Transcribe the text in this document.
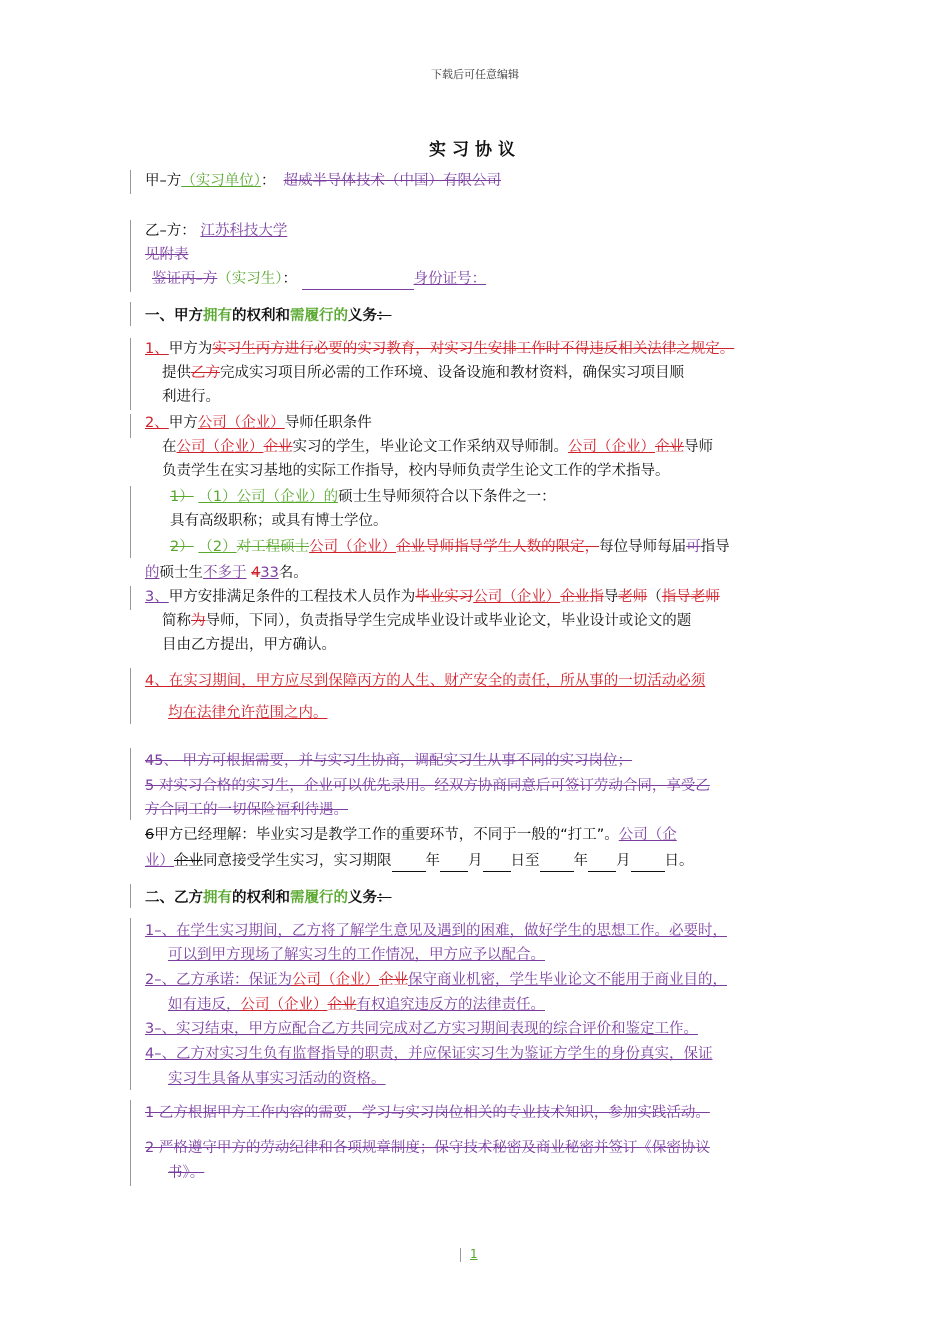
下载后可任意编辑
实习协议
甲–方（实习单位）： 超威半导体技术（中国）有限公司
乙–方： 江苏科技大学
见附表
鉴证丙–方（实习生）：	身份证号：
一、甲方拥有的权利和需履行的义务：
1、甲方为实习生丙方进行必要的实习教育，对实习生安排工作时不得违反相关法律之规定。
提供乙方完成实习项目所必需的工作环境、设备设施和教材资料，确保实习项目顺
利进行。
2、甲方公司（企业）导师任职条件
在公司（企业）企业实习的学生，毕业论文工作采纳双导师制。公司（企业）企业导师
负责学生在实习基地的实际工作指导，校内导师负责学生论文工作的学术指导。
1） （1）公司（企业）的硕士生导师须符合以下条件之一：
具有高级职称；或具有博士学位。
2） （2）对工程硕士公司（企业）企业导师指导学生人数的限定，每位导师每届可指导
的硕士生不多于 433名。
3、甲方安排满足条件的工程技术人员作为毕业实习公司（企业）企业指导老师（指导老师
简称为导师，下同），负责指导学生完成毕业设计或毕业论文，毕业设计或论文的题
目由乙方提出，甲方确认。
4、在实习期间，甲方应尽到保障丙方的人生、财产安全的责任，所从事的一切活动必须
均在法律允许范围之内。
45、 甲方可根据需要，并与实习生协商，调配实习生从事不同的实习岗位；
5 对实习合格的实习生，企业可以优先录用。经双方协商同意后可签订劳动合同，享受乙
方合同工的一切保险福利待遇。
6甲方已经理解：毕业实习是教学工作的重要环节，不同于一般的“打工”。公司（企
业）企业同意接受学生实习，实习期限 年 月 日至 年 月 日。
二、乙方拥有的权利和需履行的义务：
1–、在学生实习期间，乙方将了解学生意见及遇到的困难，做好学生的思想工作。必要时，
可以到甲方现场了解实习生的工作情况，甲方应予以配合。
2–、乙方承诺：保证为公司（企业）企业保守商业机密，学生毕业论文不能用于商业目的，
如有违反，公司（企业）企业有权追究违反方的法律责任。
3–、实习结束，甲方应配合乙方共同完成对乙方实习期间表现的综合评价和鉴定工作。
4–、乙方对实习生负有监督指导的职责，并应保证实习生为鉴证方学生的身份真实，保证
实习生具备从事实习活动的资格。
1 乙方根据甲方工作内容的需要，学习与实习岗位相关的专业技术知识，参加实践活动。
2 严格遵守甲方的劳动纪律和各项规章制度；保守技术秘密及商业秘密并签订《保密协议
书》。
1
